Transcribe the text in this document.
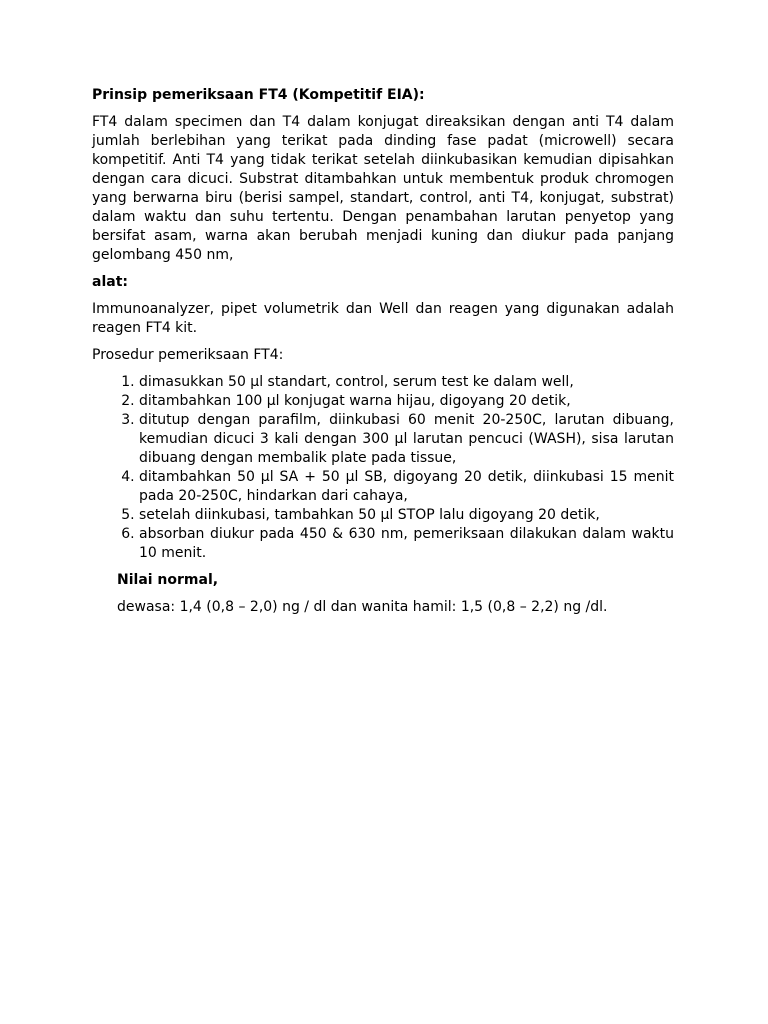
Prinsip pemeriksaan FT4 (Kompetitif EIA):

FT4 dalam specimen dan T4 dalam konjugat direaksikan dengan anti T4 dalam jumlah berlebihan yang terikat pada dinding fase padat (microwell) secara kompetitif. Anti T4 yang tidak terikat setelah diinkubasikan kemudian dipisahkan dengan cara dicuci. Substrat ditambahkan untuk membentuk produk chromogen yang berwarna biru (berisi sampel, standart, control, anti T4, konjugat, substrat) dalam waktu dan suhu tertentu. Dengan penambahan larutan penyetop yang bersifat asam, warna akan berubah menjadi kuning dan diukur pada panjang gelombang 450 nm,

alat:

Immunoanalyzer, pipet volumetrik dan Well dan reagen yang digunakan adalah reagen FT4 kit.

Prosedur pemeriksaan FT4:

1. dimasukkan 50 µl standart, control, serum test ke dalam well,
2. ditambahkan 100 µl konjugat warna hijau, digoyang 20 detik,
3. ditutup dengan parafilm, diinkubasi 60 menit 20-250C, larutan dibuang, kemudian dicuci 3 kali dengan 300 µl larutan pencuci (WASH), sisa larutan dibuang dengan membalik plate pada tissue,
4. ditambahkan 50 µl SA + 50 µl SB, digoyang 20 detik, diinkubasi 15 menit pada 20-250C, hindarkan dari cahaya,
5. setelah diinkubasi, tambahkan 50 µl STOP lalu digoyang 20 detik,
6. absorban diukur pada 450 & 630 nm, pemeriksaan dilakukan dalam waktu 10 menit.

Nilai normal,

dewasa: 1,4 (0,8 – 2,0) ng / dl dan wanita hamil: 1,5 (0,8 – 2,2) ng /dl.
